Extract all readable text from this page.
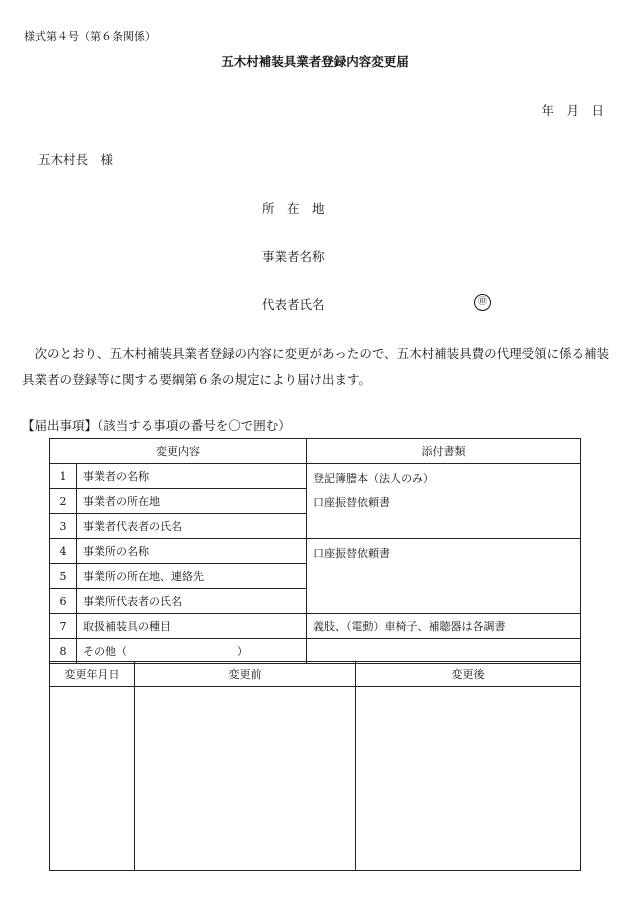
様式第４号（第６条関係）
五木村補装具業者登録内容変更届
年　月　日
五木村長　様
所　在　地
事業者名称
代表者氏名	㊞
　次のとおり、五木村補装具業者登録の内容に変更があったので、五木村補装具費の代理受領に係る補装具業者の登録等に関する要綱第６条の規定により届け出ます。
【届出事項】（該当する事項の番号を〇で囲む）
変更内容		添付書類
1	事業者の名称	登記簿謄本（法人のみ）
口座振替依頼書

2	事業者の所在地	
3	事業者代表者の氏名	
4	事業所の名称	口座振替依頼書

5	事業所の所在地、連絡先	
6	事業所代表者の氏名	
7	取扱補装具の種目	義肢、（電動）車椅子、補聴器は各調書
8	その他（　　　　　　　　　　）	
変更年月日	変更前	変更後
